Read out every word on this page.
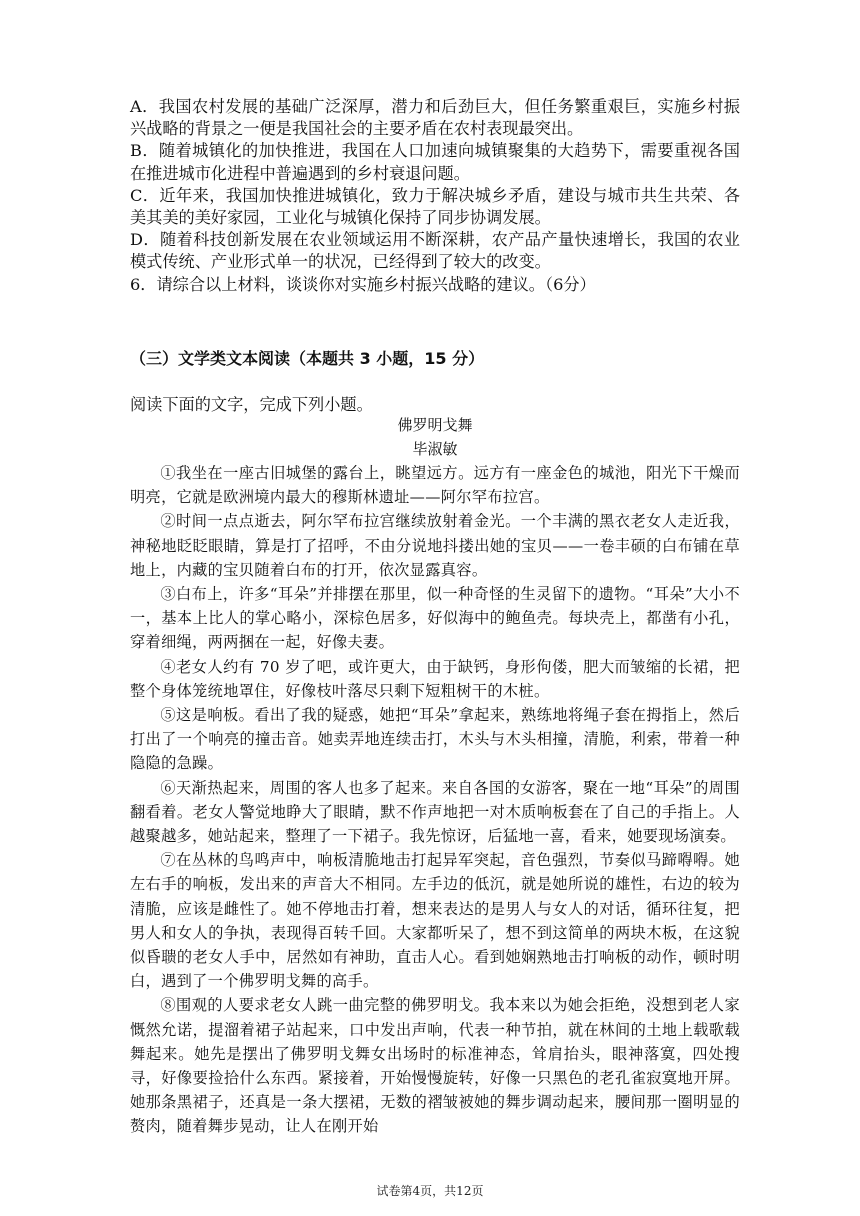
A．我国农村发展的基础广泛深厚，潜力和后劲巨大，但任务繁重艰巨，实施乡村振兴战略的背景之一便是我国社会的主要矛盾在农村表现最突出。

B．随着城镇化的加快推进，我国在人口加速向城镇聚集的大趋势下，需要重视各国在推进城市化进程中普遍遇到的乡村衰退问题。

C．近年来，我国加快推进城镇化，致力于解决城乡矛盾，建设与城市共生共荣、各美其美的美好家园，工业化与城镇化保持了同步协调发展。

D．随着科技创新发展在农业领域运用不断深耕，农产品产量快速增长，我国的农业模式传统、产业形式单一的状况，已经得到了较大的改变。

6．请综合以上材料，谈谈你对实施乡村振兴战略的建议。（6分）

（三）文学类文本阅读（本题共 3 小题，15 分）

阅读下面的文字，完成下列小题。

佛罗明戈舞

毕淑敏

①我坐在一座古旧城堡的露台上，眺望远方。远方有一座金色的城池，阳光下干燥而明亮，它就是欧洲境内最大的穆斯林遗址——阿尔罕布拉宫。

②时间一点点逝去，阿尔罕布拉宫继续放射着金光。一个丰满的黑衣老女人走近我，神秘地眨眨眼睛，算是打了招呼，不由分说地抖搂出她的宝贝——一卷丰硕的白布铺在草地上，内藏的宝贝随着白布的打开，依次显露真容。

③白布上，许多“耳朵”并排摆在那里，似一种奇怪的生灵留下的遗物。“耳朵”大小不一，基本上比人的掌心略小，深棕色居多，好似海中的鲍鱼壳。每块壳上，都凿有小孔，穿着细绳，两两捆在一起，好像夫妻。

④老女人约有 70 岁了吧，或许更大，由于缺钙，身形佝偻，肥大而皱缩的长裙，把整个身体笼统地罩住，好像枝叶落尽只剩下短粗树干的木桩。

⑤这是响板。看出了我的疑惑，她把“耳朵”拿起来，熟练地将绳子套在拇指上，然后打出了一个响亮的撞击音。她卖弄地连续击打，木头与木头相撞，清脆，利索，带着一种隐隐的急躁。

⑥天渐热起来，周围的客人也多了起来。来自各国的女游客，聚在一地“耳朵”的周围翻看着。老女人警觉地睁大了眼睛，默不作声地把一对木质响板套在了自己的手指上。人越聚越多，她站起来，整理了一下裙子。我先惊讶，后猛地一喜，看来，她要现场演奏。

⑦在丛林的鸟鸣声中，响板清脆地击打起异军突起，音色强烈，节奏似马蹄嘚嘚。她左右手的响板，发出来的声音大不相同。左手边的低沉，就是她所说的雄性，右边的较为清脆，应该是雌性了。她不停地击打着，想来表达的是男人与女人的对话，循环往复，把男人和女人的争执，表现得百转千回。大家都听呆了，想不到这简单的两块木板，在这貌似昏聩的老女人手中，居然如有神助，直击人心。看到她娴熟地击打响板的动作，顿时明白，遇到了一个佛罗明戈舞的高手。

⑧围观的人要求老女人跳一曲完整的佛罗明戈。我本来以为她会拒绝，没想到老人家慨然允诺，提溜着裙子站起来，口中发出声响，代表一种节拍，就在林间的土地上载歌载舞起来。她先是摆出了佛罗明戈舞女出场时的标准神态，耸肩抬头，眼神落寞，四处搜寻，好像要捡拾什么东西。紧接着，开始慢慢旋转，好像一只黑色的老孔雀寂寞地开屏。她那条黑裙子，还真是一条大摆裙，无数的褶皱被她的舞步调动起来，腰间那一圈明显的赘肉，随着舞步晃动，让人在刚开始

试卷第4页，共12页
